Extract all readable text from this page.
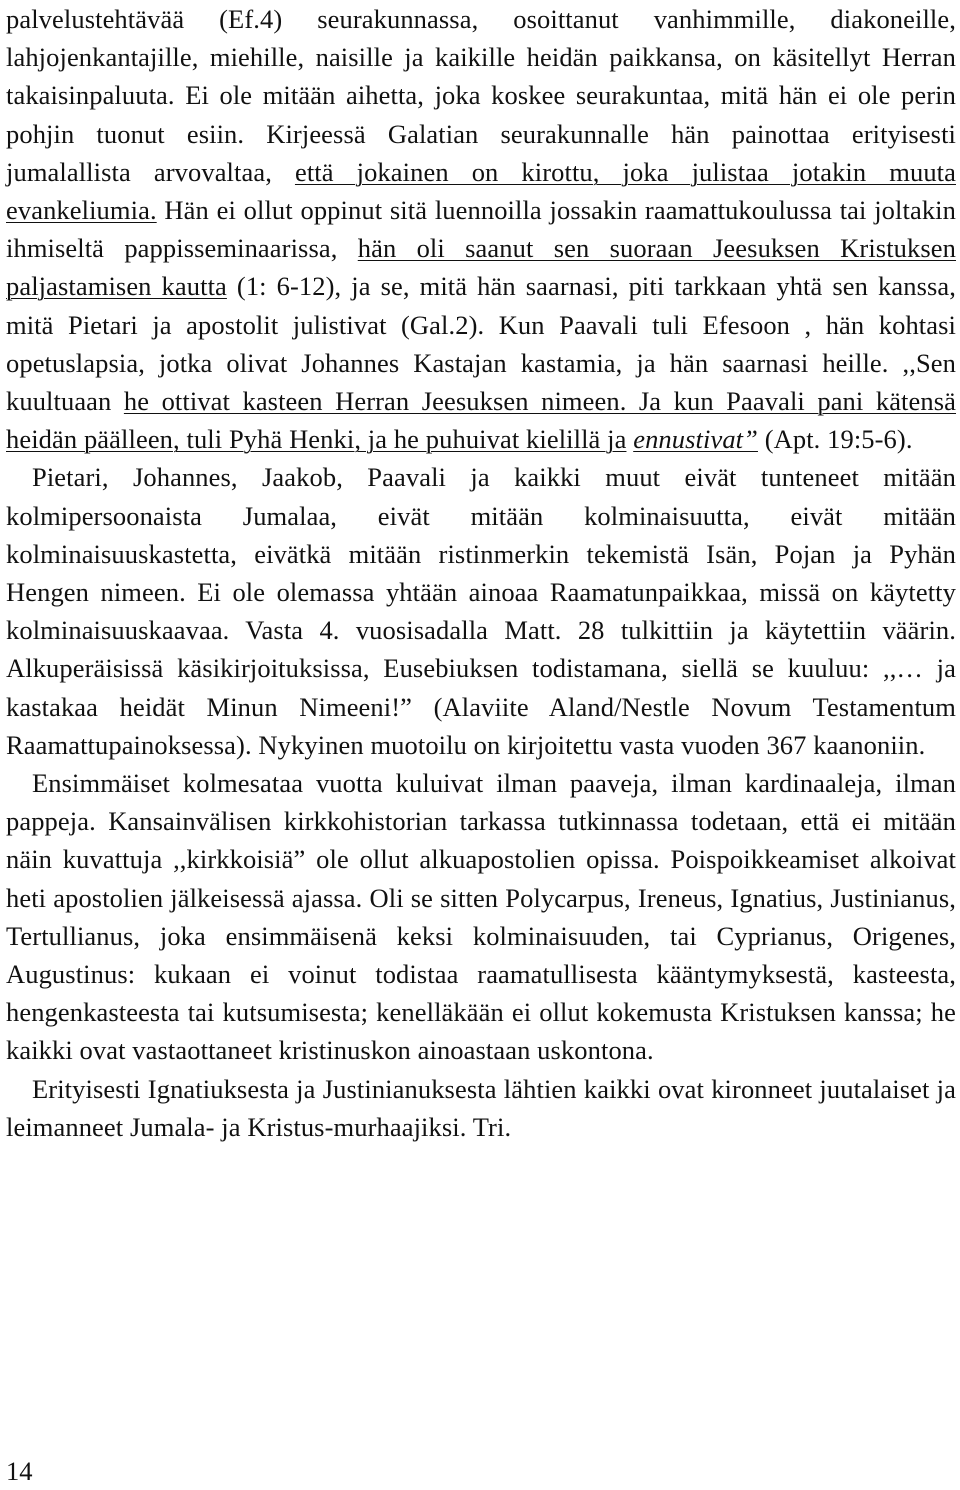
palvelustehtävää (Ef.4) seurakunnassa, osoittanut vanhimmille, diakoneille, lahjojenkantajille, miehille, naisille ja kaikille heidän paikkansa, on käsitellyt Herran takaisinpaluuta. Ei ole mitään aihetta, joka koskee seurakuntaa, mitä hän ei ole perin pohjin tuonut esiin. Kirjeessä Galatian seurakunnalle hän painottaa erityisesti jumalallista arvovaltaa, että jokainen on kirottu, joka julistaa jotakin muuta evankeliumia. Hän ei ollut oppinut sitä luennoilla jossakin raamattukoulussa tai joltakin ihmiseltä pappisseminaarissa, hän oli saanut sen suoraan Jeesuksen Kristuksen paljastamisen kautta (1: 6-12), ja se, mitä hän saarnasi, piti tarkkaan yhtä sen kanssa, mitä Pietari ja apostolit julistivat (Gal.2). Kun Paavali tuli Efesoon , hän kohtasi opetuslapsia, jotka olivat Johannes Kastajan kastamia, ja hän saarnasi heille. ,,Sen kuultuaan he ottivat kasteen Herran Jeesuksen nimeen. Ja kun Paavali pani kätensä heidän päälleen, tuli Pyhä Henki, ja he puhuivat kielillä ja ennustivat” (Apt. 19:5-6).

Pietari, Johannes, Jaakob, Paavali ja kaikki muut eivät tunteneet mitään kolmipersoonaista Jumalaa, eivät mitään kolminaisuutta, eivät mitään kolminaisuuskastetta, eivätkä mitään ristinmerkin tekemistä Isän, Pojan ja Pyhän Hengen nimeen. Ei ole olemassa yhtään ainoaa Raamatunpaikkaa, missä on käytetty kolminaisuuskaavaa. Vasta 4. vuosisadalla Matt. 28 tulkittiin ja käytettiin väärin. Alkuperäisissä käsikirjoituksissa, Eusebiuksen todistamana, siellä se kuuluu: ,,… ja kastakaa heidät Minun Nimeeni!” (Alaviite Aland/Nestle Novum Testamentum Raamattupainoksessa). Nykyinen muotoilu on kirjoitettu vasta vuoden 367 kaanoniin.

Ensimmäiset kolmesataa vuotta kuluivat ilman paaveja, ilman kardinaaleja, ilman pappeja. Kansainvälisen kirkkohistorian tarkassa tutkinnassa todetaan, että ei mitään näin kuvattuja ,,kirkkoisiä” ole ollut alkuapostolien opissa. Poispoikkeamiset alkoivat heti apostolien jälkeisessä ajassa. Oli se sitten Polycarpus, Ireneus, Ignatius, Justinianus, Tertullianus, joka ensimmäisenä keksi kolminaisuuden, tai Cyprianus, Origenes, Augustinus: kukaan ei voinut todistaa raamatullisesta kääntymyksestä, kasteesta, hengenkasteesta tai kutsumisesta; kenelläkään ei ollut kokemusta Kristuksen kanssa; he kaikki ovat vastaottaneet kristinuskon ainoastaan uskontona.

Erityisesti Ignatiuksesta ja Justinianuksesta lähtien kaikki ovat kironneet juutalaiset ja leimanneet Jumala- ja Kristus-murhaajiksi. Tri.

14
